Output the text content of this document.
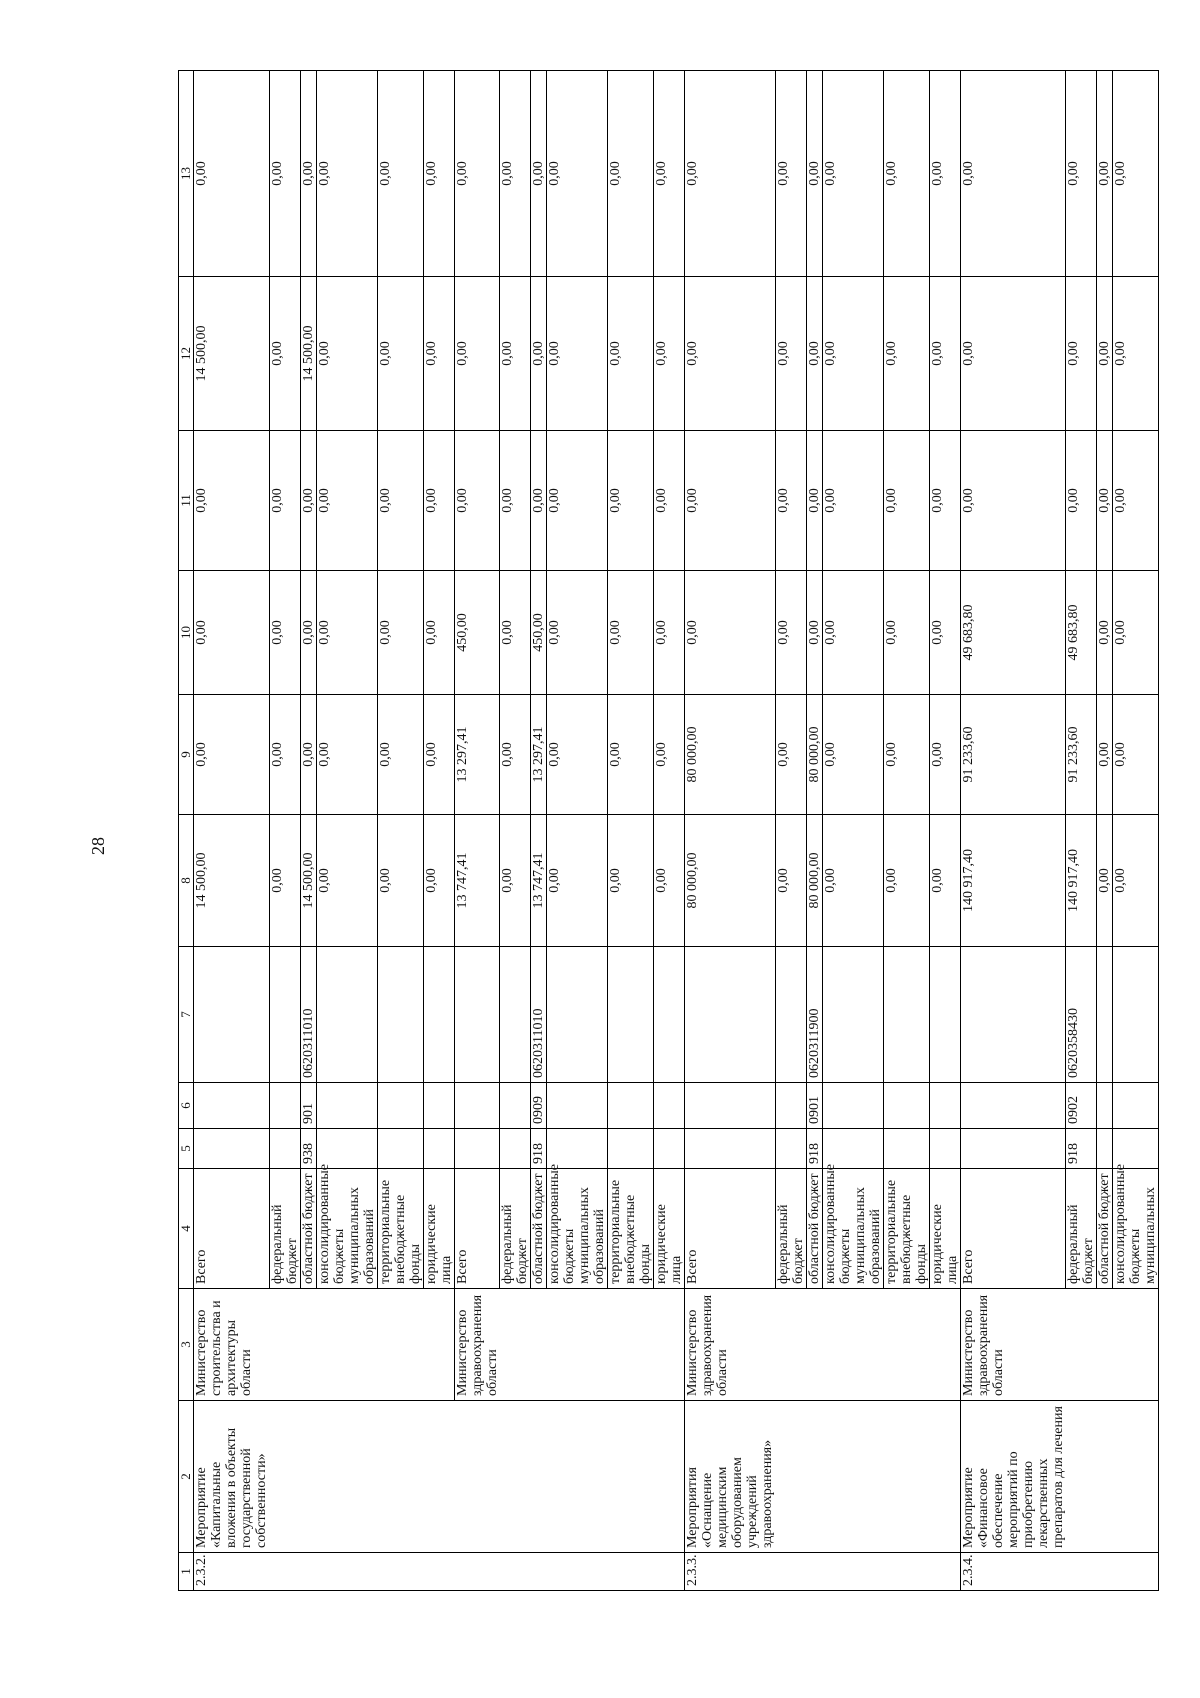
28
1	2	3	4	5	6	7	8	9	10	11	12	13
2.3.2.	Мероприятие «Капитальные вложения в объекты государственной собственности»	Министерство строительства и архитектуры области	Всего				14 500,00	0,00	0,00	0,00	14 500,00	0,00
			федеральный бюджет				0,00	0,00	0,00	0,00	0,00	0,00
			областной бюджет	938	901	0620311010	14 500,00	0,00	0,00	0,00	14 500,00	0,00
			консолидированные бюджеты муниципальных образований				0,00	0,00	0,00	0,00	0,00	0,00
			территориальные внебюджетные фонды				0,00	0,00	0,00	0,00	0,00	0,00
			юридические лица				0,00	0,00	0,00	0,00	0,00	0,00
		Министерство здравоохранения области	Всего				13 747,41	13 297,41	450,00	0,00	0,00	0,00
			федеральный бюджет				0,00	0,00	0,00	0,00	0,00	0,00
			областной бюджет	918	0909	0620311010	13 747,41	13 297,41	450,00	0,00	0,00	0,00
			консолидированные бюджеты муниципальных образований				0,00	0,00	0,00	0,00	0,00	0,00
			территориальные внебюджетные фонды				0,00	0,00	0,00	0,00	0,00	0,00
			юридические лица				0,00	0,00	0,00	0,00	0,00	0,00
2.3.3.	Мероприятия «Оснащение медицинским оборудованием учреждений здравоохранения»	Министерство здравоохранения области	Всего				80 000,00	80 000,00	0,00	0,00	0,00	0,00
			федеральный бюджет				0,00	0,00	0,00	0,00	0,00	0,00
			областной бюджет	918	0901	0620311900	80 000,00	80 000,00	0,00	0,00	0,00	0,00
			консолидированные бюджеты муниципальных образований				0,00	0,00	0,00	0,00	0,00	0,00
			территориальные внебюджетные фонды				0,00	0,00	0,00	0,00	0,00	0,00
			юридические лица				0,00	0,00	0,00	0,00	0,00	0,00
2.3.4.	Мероприятие «Финансовое обеспечение мероприятий по приобретению лекарственных препаратов для лечения	Министерство здравоохранения области	Всего				140 917,40	91 233,60	49 683,80	0,00	0,00	0,00
			федеральный бюджет	918	0902	0620358430	140 917,40	91 233,60	49 683,80	0,00	0,00	0,00
			областной бюджет				0,00	0,00	0,00	0,00	0,00	0,00
			консолидированные бюджеты муниципальных				0,00	0,00	0,00	0,00	0,00	0,00
